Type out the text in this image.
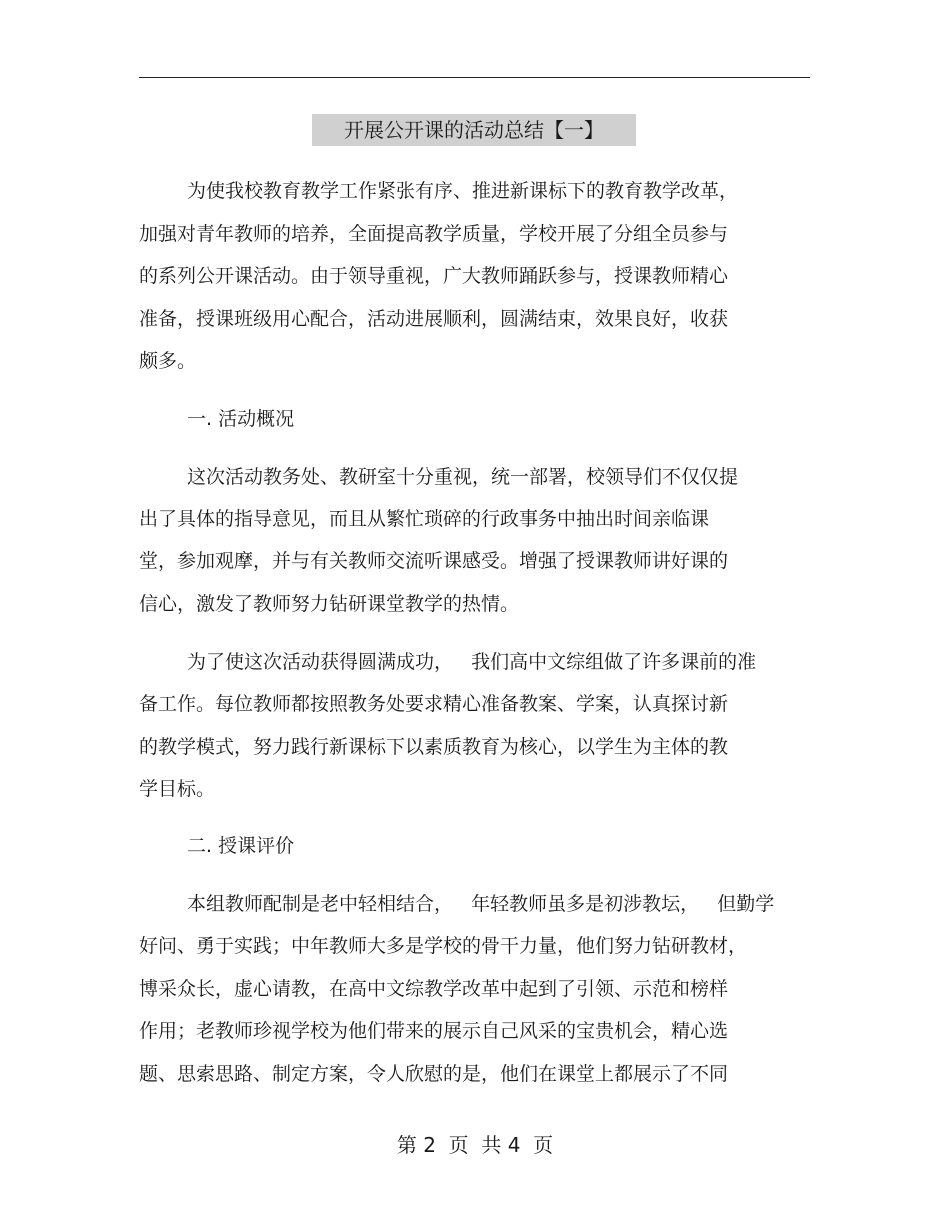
开展公开课的活动总结【一】
为使我校教育教学工作紧张有序、推进新课标下的教育教学改革，
加强对青年教师的培养，全面提高教学质量，学校开展了分组全员参与
的系列公开课活动。由于领导重视，广大教师踊跃参与，授课教师精心
准备，授课班级用心配合，活动进展顺利，圆满结束，效果良好，收获
颇多。
一. 活动概况
这次活动教务处、教研室十分重视，统一部署，校领导们不仅仅提
出了具体的指导意见，而且从繁忙琐碎的行政事务中抽出时间亲临课
堂，参加观摩，并与有关教师交流听课感受。增强了授课教师讲好课的
信心，激发了教师努力钻研课堂教学的热情。
为了使这次活动获得圆满成功，   我们高中文综组做了许多课前的准
备工作。每位教师都按照教务处要求精心准备教案、学案，认真探讨新
的教学模式，努力践行新课标下以素质教育为核心，以学生为主体的教
学目标。
二. 授课评价
本组教师配制是老中轻相结合，   年轻教师虽多是初涉教坛，   但勤学
好问、勇于实践；中年教师大多是学校的骨干力量，他们努力钻研教材，
博采众长，虚心请教，在高中文综教学改革中起到了引领、示范和榜样
作用；老教师珍视学校为他们带来的展示自己风采的宝贵机会，精心选
题、思索思路、制定方案，令人欣慰的是，他们在课堂上都展示了不同
第 2  页  共 4  页
